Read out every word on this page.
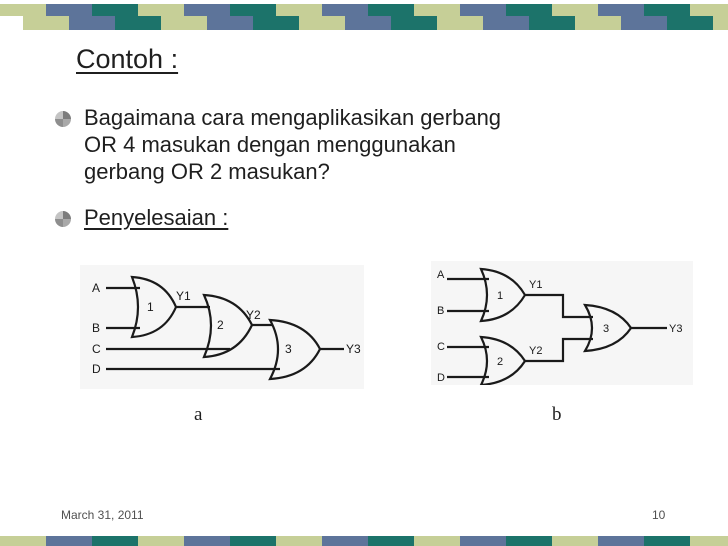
Contoh :
Bagaimana cara mengaplikasikan gerbang
OR 4 masukan dengan menggunakan
gerbang OR 2 masukan?
Penyelesaian :
A
B
C
D
1
2
3
Y1
Y2
Y3
A
B
C
D
1
2
3
Y1
Y2
Y3
a	b
March 31, 2011	10
